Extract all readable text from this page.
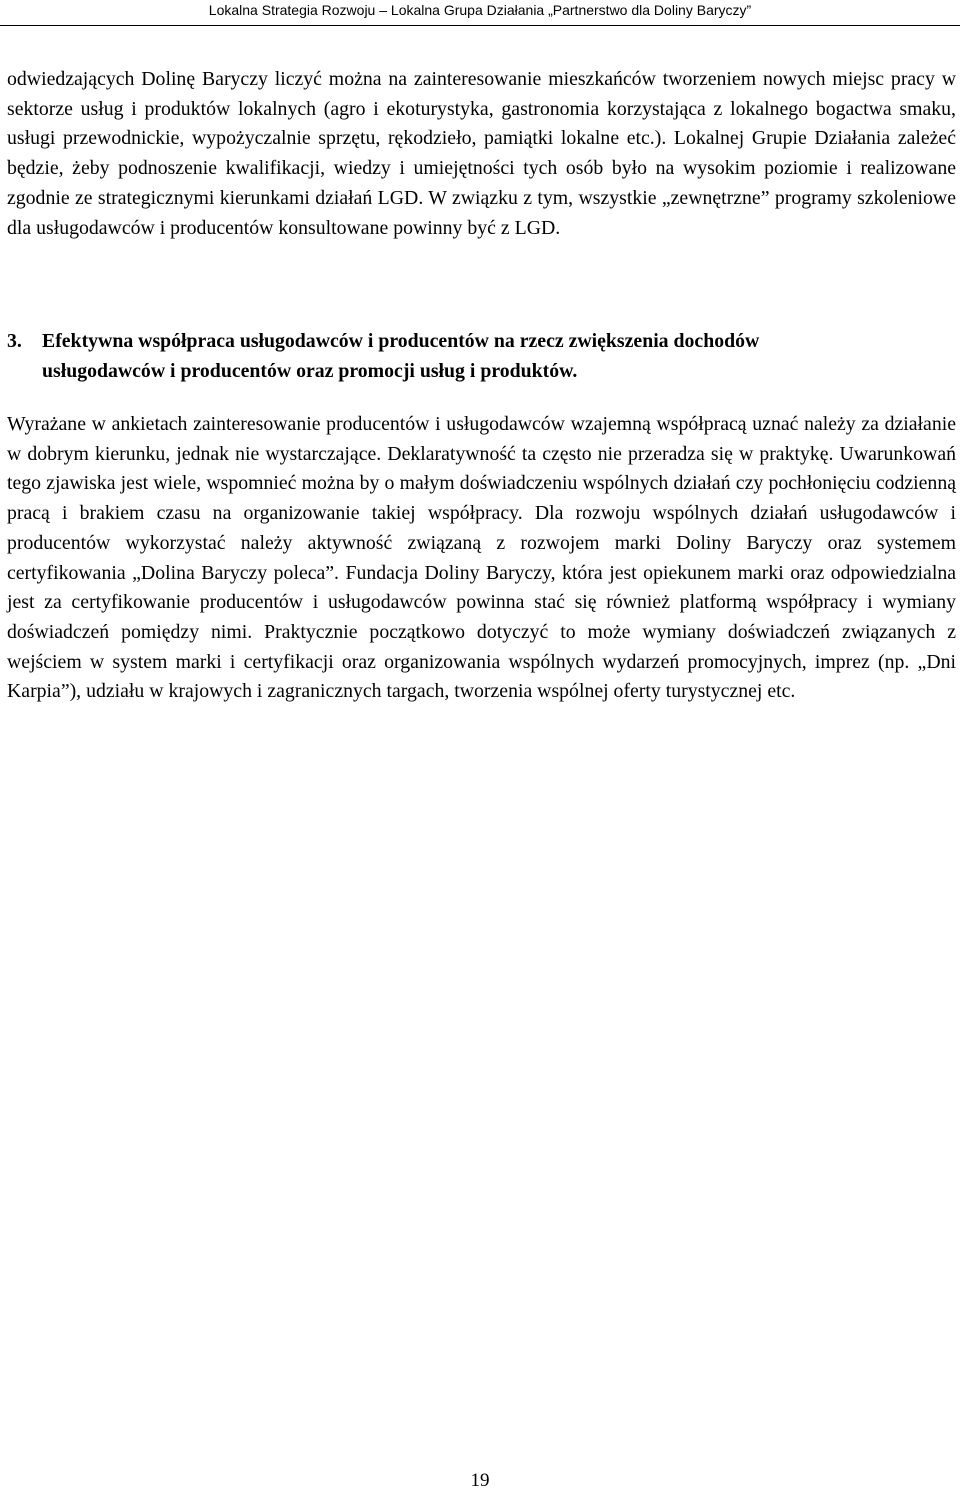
Lokalna Strategia Rozwoju – Lokalna Grupa Działania „Partnerstwo dla Doliny Baryczy”

odwiedzających Dolinę Baryczy liczyć można na zainteresowanie mieszkańców tworzeniem nowych miejsc pracy w sektorze usług i produktów lokalnych (agro i ekoturystyka, gastronomia korzystająca z lokalnego bogactwa smaku, usługi przewodnickie, wypożyczalnie sprzętu, rękodzieło, pamiątki lokalne etc.). Lokalnej Grupie Działania zależeć będzie, żeby podnoszenie kwalifikacji, wiedzy i umiejętności tych osób było na wysokim poziomie i realizowane zgodnie ze strategicznymi kierunkami działań LGD. W związku z tym, wszystkie „zewnętrzne” programy szkoleniowe dla usługodawców i producentów konsultowane powinny być z LGD.

3. Efektywna współpraca usługodawców i producentów na rzecz zwiększenia dochodów
usługodawców i producentów oraz promocji usług i produktów.

Wyrażane w ankietach zainteresowanie producentów i usługodawców wzajemną współpracą uznać należy za działanie w dobrym kierunku, jednak nie wystarczające. Deklaratywność ta często nie przeradza się w praktykę. Uwarunkowań tego zjawiska jest wiele, wspomnieć można by o małym doświadczeniu wspólnych działań czy pochłonięciu codzienną pracą i brakiem czasu na organizowanie takiej współpracy. Dla rozwoju wspólnych działań usługodawców i producentów wykorzystać należy aktywność związaną z rozwojem marki Doliny Baryczy oraz systemem certyfikowania „Dolina Baryczy poleca”. Fundacja Doliny Baryczy, która jest opiekunem marki oraz odpowiedzialna jest za certyfikowanie producentów i usługodawców powinna stać się również platformą współpracy i wymiany doświadczeń pomiędzy nimi. Praktycznie początkowo dotyczyć to może wymiany doświadczeń związanych z wejściem w system marki i certyfikacji oraz organizowania wspólnych wydarzeń promocyjnych, imprez (np. „Dni Karpia”), udziału w krajowych i zagranicznych targach, tworzenia wspólnej oferty turystycznej etc.

19
